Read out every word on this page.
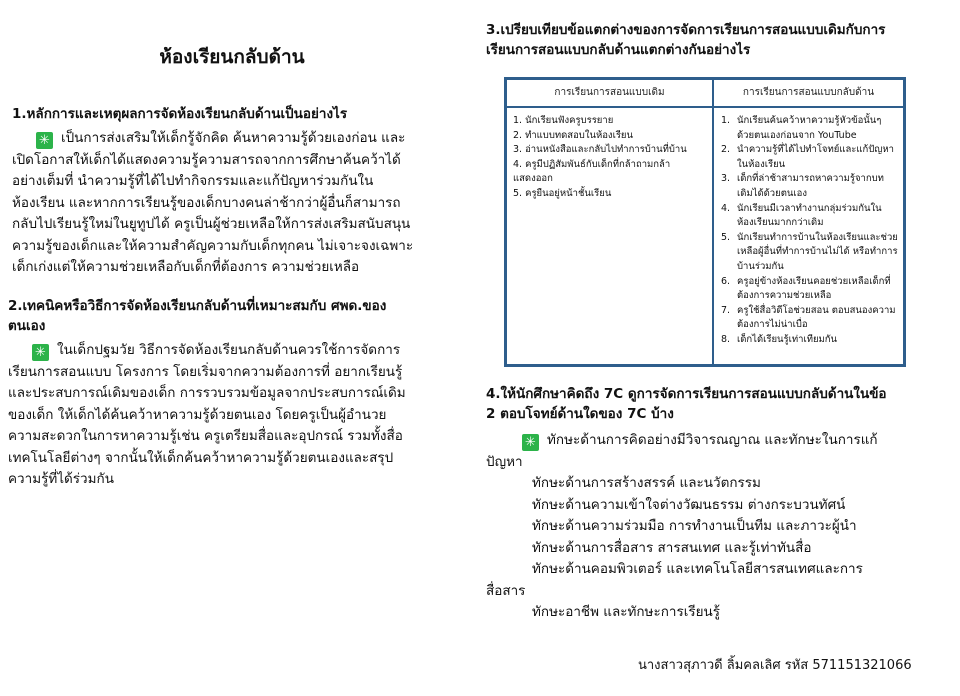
ห้องเรียนกลับด้าน

1.หลักการและเหตุผลการจัดห้องเรียนกลับด้านเป็นอย่างไร

✳ เป็นการส่งเสริมให้เด็กรู้จักคิด ค้นหาความรู้ด้วยเองก่อน และ
เปิดโอกาสให้เด็กได้แสดงความรู้ความสารถจากการศึกษาค้นคว้าได้
อย่างเต็มที่ นำความรู้ที่ได้ไปทำกิจกรรมและแก้ปัญหาร่วมกันใน
ห้องเรียน และหากการเรียนรู้ของเด็กบางคนล่าช้ากว่าผู้อื่นก็สามารถ
กลับไปเรียนรู้ใหม่ในยูทูปได้ ครูเป็นผู้ช่วยเหลือให้การส่งเสริมสนับสนุน
ความรู้ของเด็กและให้ความสำคัญความกับเด็กทุกคน ไม่เจาะจงเฉพาะ
เด็กเก่งแต่ให้ความช่วยเหลือกับเด็กที่ต้องการ ความช่วยเหลือ

2.เทคนิคหรือวิธีการจัดห้องเรียนกลับด้านที่เหมาะสมกับ ศพด.ของ
ตนเอง

✳ ในเด็กปฐมวัย วิธีการจัดห้องเรียนกลับด้านควรใช้การจัดการ
เรียนการสอนแบบ โครงการ โดยเริ่มจากความต้องการที่ อยากเรียนรู้
และประสบการณ์เดิมของเด็ก การรวบรวมข้อมูลจากประสบการณ์เดิม
ของเด็ก ให้เด็กได้ค้นคว้าหาความรู้ด้วยตนเอง โดยครูเป็นผู้อำนวย
ความสะดวกในการหาความรู้เช่น ครูเตรียมสื่อและอุปกรณ์ รวมทั้งสื่อ
เทคโนโลยีต่างๆ จากนั้นให้เด็กค้นคว้าหาความรู้ด้วยตนเองและสรุป
ความรู้ที่ได้ร่วมกัน

3.เปรียบเทียบข้อแตกต่างของการจัดการเรียนการสอนแบบเดิมกับการ
เรียนการสอนแบบกลับด้านแตกต่างกันอย่างไร

การเรียนการสอนแบบเดิม	การเรียนการสอนแบบกลับด้าน
1. นักเรียนฟังครูบรรยาย
2. ทำแบบทดสอบในห้องเรียน
3. อ่านหนังสือและกลับไปทำการบ้านที่บ้าน
4. ครูมีปฏิสัมพันธ์กับเด็กที่กล้าถามกล้า
แสดงออก
5. ครูยืนอยู่หน้าชั้นเรียน
1. นักเรียนค้นคว้าหาความรู้หัวข้อนั้นๆ
ด้วยตนเองก่อนจาก YouTube
2. นำความรู้ที่ได้ไปทำโจทย์และแก้ปัญหา
ในห้องเรียน
3. เด็กที่ล่าช้าสามารถหาความรู้จากบท
เดิมได้ด้วยตนเอง
4. นักเรียนมีเวลาทำงานกลุ่มร่วมกันใน
ห้องเรียนมากกว่าเดิม
5. นักเรียนทำการบ้านในห้องเรียนและช่วย
เหลือผู้อื่นที่ทำการบ้านไม่ได้ หรือทำการ
บ้านร่วมกัน
6. ครูอยู่ข้างห้องเรียนคอยช่วยเหลือเด็กที่
ต้องการความช่วยเหลือ
7. ครูใช้สื่อวิดีโอช่วยสอน ตอบสนองความ
ต้องการไม่น่าเบื่อ
8. เด็กได้เรียนรู้เท่าเทียมกัน

4.ให้นักศึกษาคิดถึง 7C ดูการจัดการเรียนการสอนแบบกลับด้านในข้อ
2 ตอบโจทย์ด้านใดของ 7C บ้าง

✳ ทักษะด้านการคิดอย่างมีวิจารณญาณ และทักษะในการแก้

ปัญหา

ทักษะด้านการสร้างสรรค์ และนวัตกรรม

ทักษะด้านความเข้าใจต่างวัฒนธรรม ต่างกระบวนทัศน์

ทักษะด้านความร่วมมือ การทำงานเป็นทีม และภาวะผู้นำ

ทักษะด้านการสื่อสาร สารสนเทศ และรู้เท่าทันสื่อ

ทักษะด้านคอมพิวเตอร์ และเทคโนโลยีสารสนเทศและการ

สื่อสาร

ทักษะอาชีพ และทักษะการเรียนรู้

นางสาวสุภาวดี ลิ้มคลเลิศ รหัส 571151321066
